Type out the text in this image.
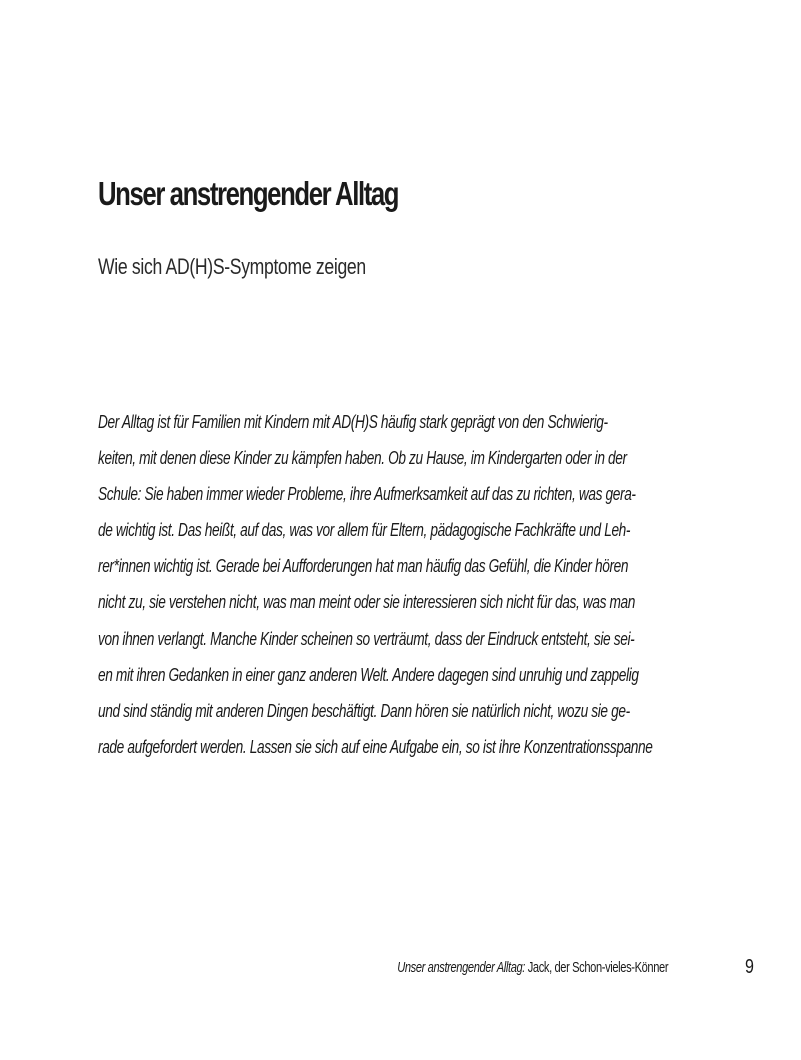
Unser anstrengender Alltag
Wie sich AD(H)S-Symptome zeigen
Der Alltag ist für Familien mit Kindern mit AD(H)S häufig stark geprägt von den Schwierig-
keiten, mit denen diese Kinder zu kämpfen haben. Ob zu Hause, im Kindergarten oder in der
Schule: Sie haben immer wieder Probleme, ihre Aufmerksamkeit auf das zu richten, was gera-
de wichtig ist. Das heißt, auf das, was vor allem für Eltern, pädagogische Fachkräfte und Leh-
rer*innen wichtig ist. Gerade bei Aufforderungen hat man häufig das Gefühl, die Kinder hören
nicht zu, sie verstehen nicht, was man meint oder sie interessieren sich nicht für das, was man
von ihnen verlangt. Manche Kinder scheinen so verträumt, dass der Eindruck entsteht, sie sei-
en mit ihren Gedanken in einer ganz anderen Welt. Andere dagegen sind unruhig und zappelig
und sind ständig mit anderen Dingen beschäftigt. Dann hören sie natürlich nicht, wozu sie ge-
rade aufgefordert werden. Lassen sie sich auf eine Aufgabe ein, so ist ihre Konzentrationsspanne
Unser anstrengender Alltag: Jack, der Schon-vieles-Könner	9
